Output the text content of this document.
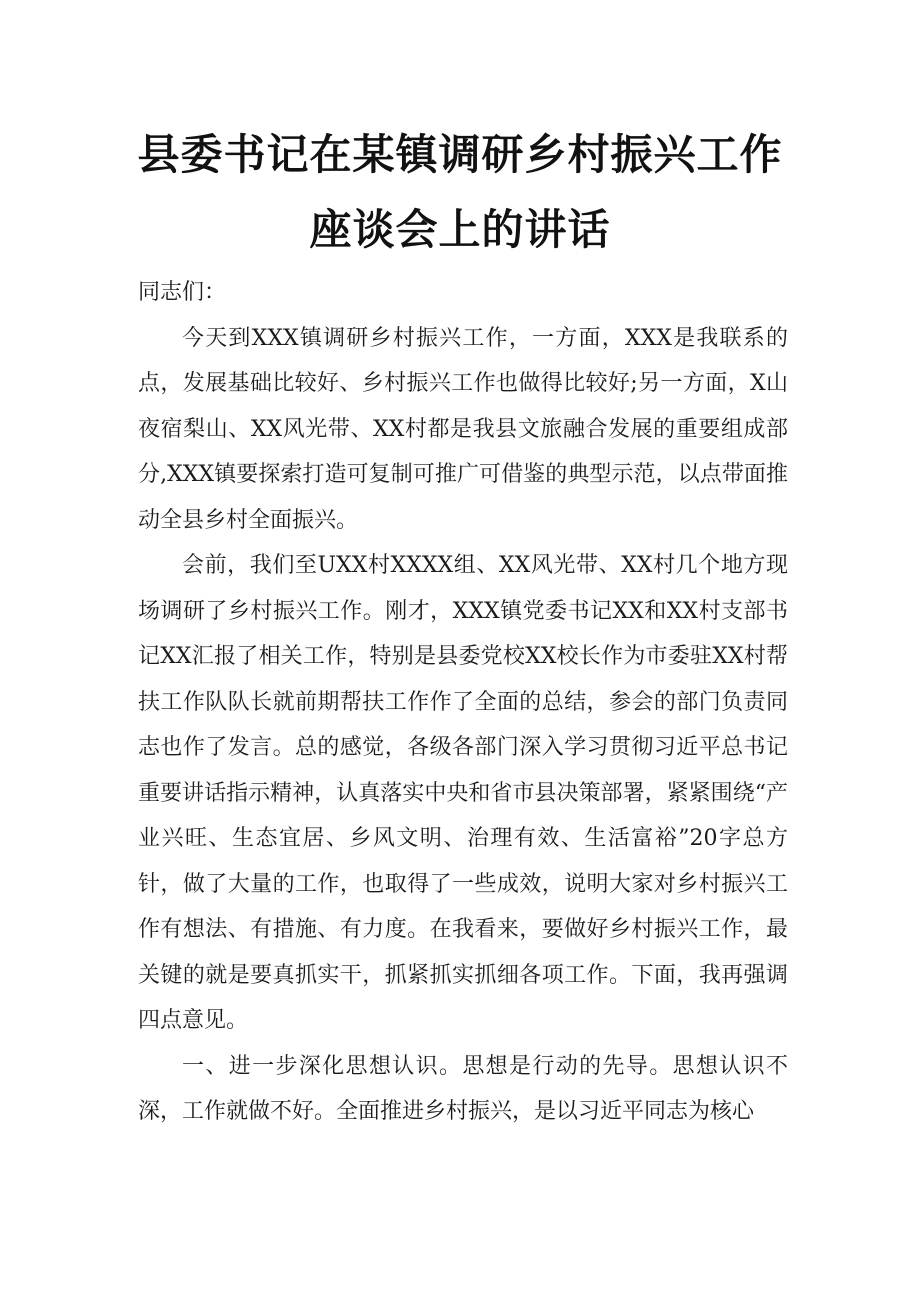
县委书记在某镇调研乡村振兴工作
座谈会上的讲话

同志们：

今天到XXX镇调研乡村振兴工作，一方面，XXX是我联系的点，发展基础比较好、乡村振兴工作也做得比较好;另一方面，X山夜宿梨山、XX风光带、XX村都是我县文旅融合发展的重要组成部分,XXX镇要探索打造可复制可推广可借鉴的典型示范，以点带面推动全县乡村全面振兴。

会前，我们至UXX村XXXX组、XX风光带、XX村几个地方现场调研了乡村振兴工作。刚才，XXX镇党委书记XX和XX村支部书记XX汇报了相关工作，特别是县委党校XX校长作为市委驻XX村帮扶工作队队长就前期帮扶工作作了全面的总结，参会的部门负责同志也作了发言。总的感觉，各级各部门深入学习贯彻习近平总书记重要讲话指示精神，认真落实中央和省市县决策部署，紧紧围绕“产业兴旺、生态宜居、乡风文明、治理有效、生活富裕”20字总方针，做了大量的工作，也取得了一些成效，说明大家对乡村振兴工作有想法、有措施、有力度。在我看来，要做好乡村振兴工作，最关键的就是要真抓实干，抓紧抓实抓细各项工作。下面，我再强调四点意见。

一、进一步深化思想认识。思想是行动的先导。思想认识不深，工作就做不好。全面推进乡村振兴，是以习近平同志为核心
